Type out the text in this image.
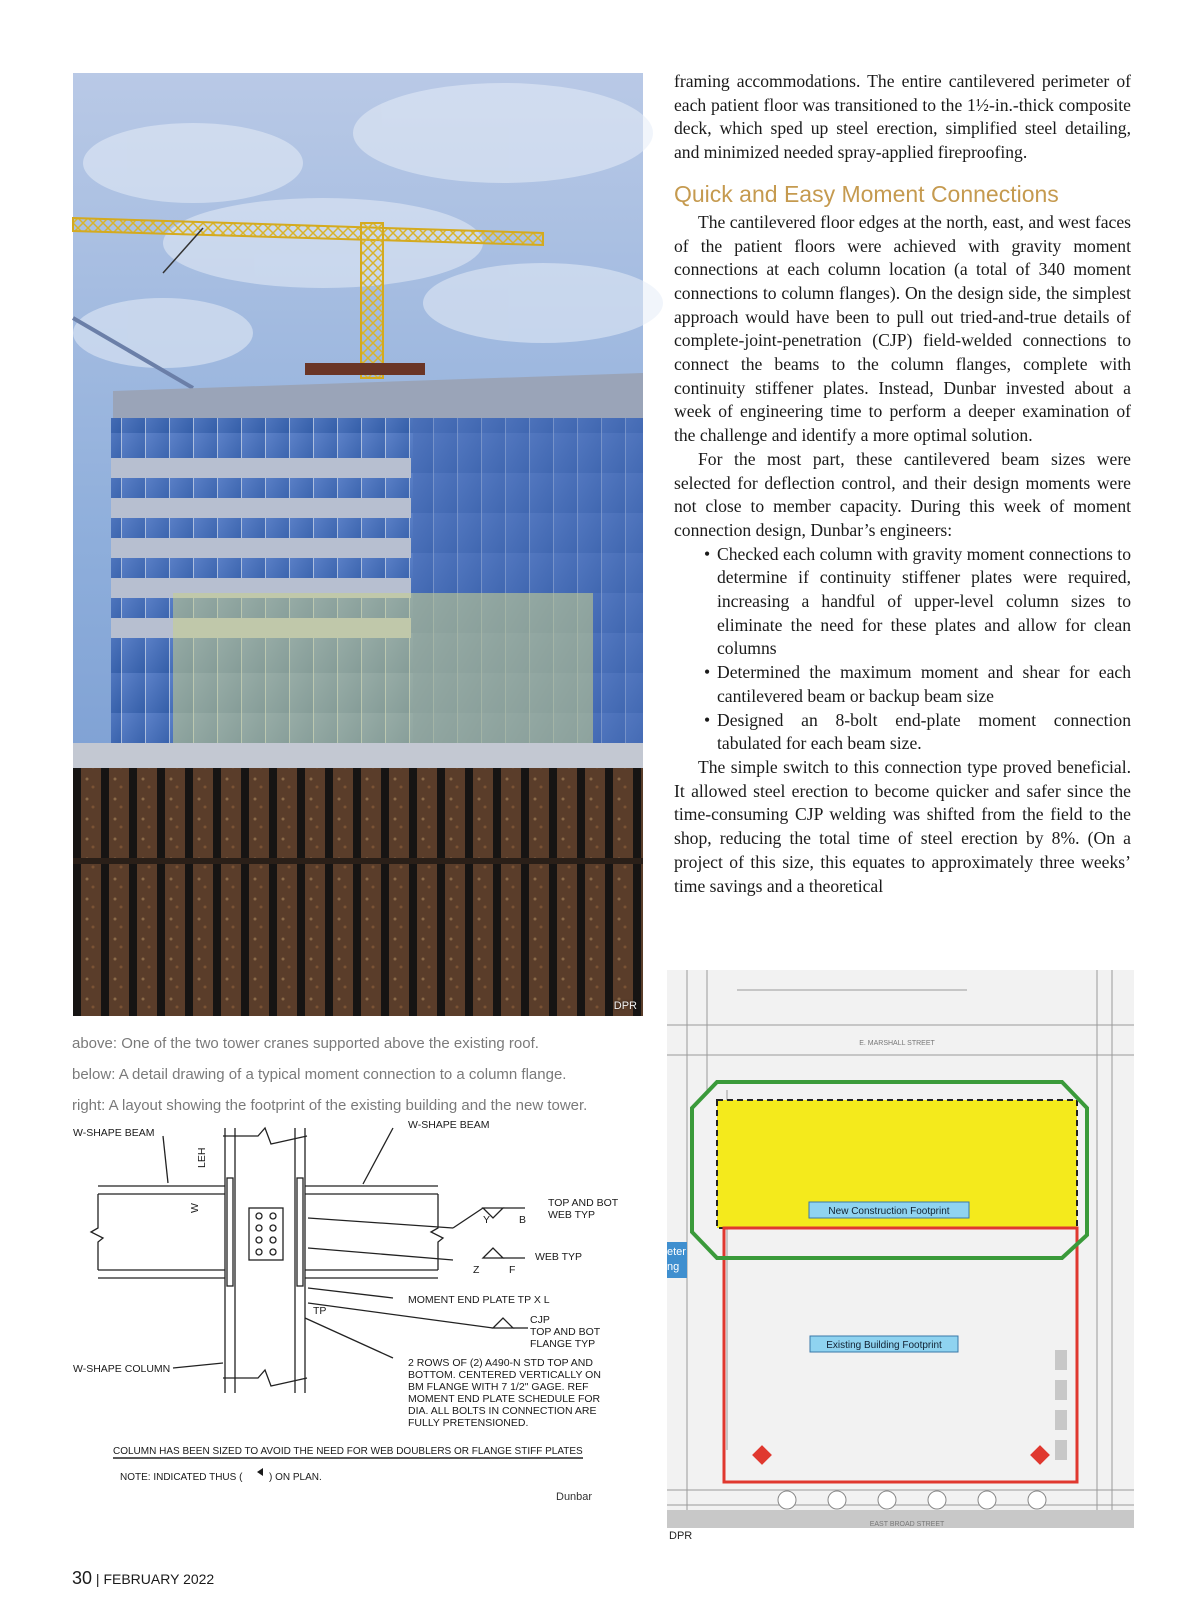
DPR

above: One of the two tower cranes supported above the existing roof.

below: A detail drawing of a typical moment connection to a column flange.

right: A layout showing the footprint of the existing building and the new tower.

W-SHAPE BEAM
W-SHAPE BEAM
LEH
W	TOP AND BOT
WEB TYP
Y	B
WEB TYP
Z	F
MOMENT END PLATE TP X L
CJP
TOP AND BOT
FLANGE TYP
TP
W-SHAPE COLUMN	2 ROWS OF (2) A490-N STD TOP AND
BOTTOM. CENTERED VERTICALLY ON
BM FLANGE WITH 7 1/2" GAGE. REF
MOMENT END PLATE SCHEDULE FOR
DIA. ALL BOLTS IN CONNECTION ARE
FULLY PRETENSIONED.
COLUMN HAS BEEN SIZED TO AVOID THE NEED FOR WEB DOUBLERS OR FLANGE STIFF PLATES
NOTE: INDICATED THUS (	) ON PLAN.
Dunbar

framing accommodations. The entire cantilevered perimeter of each patient floor was transitioned to the 1½-in.-thick composite deck, which sped up steel erection, simplified steel detailing, and minimized needed spray-applied fireproofing.

Quick and Easy Moment Connections

The cantilevered floor edges at the north, east, and west faces of the patient floors were achieved with gravity moment connections at each column location (a total of 340 moment connections to column flanges). On the design side, the simplest approach would have been to pull out tried-and-true details of complete-joint-penetration (CJP) field-welded connections to connect the beams to the column flanges, complete with continuity stiffener plates. Instead, Dunbar invested about a week of engineering time to perform a deeper examination of the challenge and identify a more optimal solution.

For the most part, these cantilevered beam sizes were selected for deflection control, and their design moments were not close to member capacity. During this week of moment connection design, Dunbar’s engineers:

• Checked each column with gravity moment connections to determine if continuity stiffener plates were required, increasing a handful of upper-level column sizes to eliminate the need for these plates and allow for clean columns
• Determined the maximum moment and shear for each cantilevered beam or backup beam size
• Designed an 8-bolt end-plate moment connection tabulated for each beam size.

The simple switch to this connection type proved beneficial. It allowed steel erection to become quicker and safer since the time-consuming CJP welding was shifted from the field to the shop, reducing the total time of steel erection by 8%. (On a project of this size, this equates to approximately three weeks’ time savings and a theoretical

New Construction Footprint
Existing Building Footprint
E. MARSHALL STREET
EAST BROAD STREET
eter
ng
DPR
30 | FEBRUARY 2022
